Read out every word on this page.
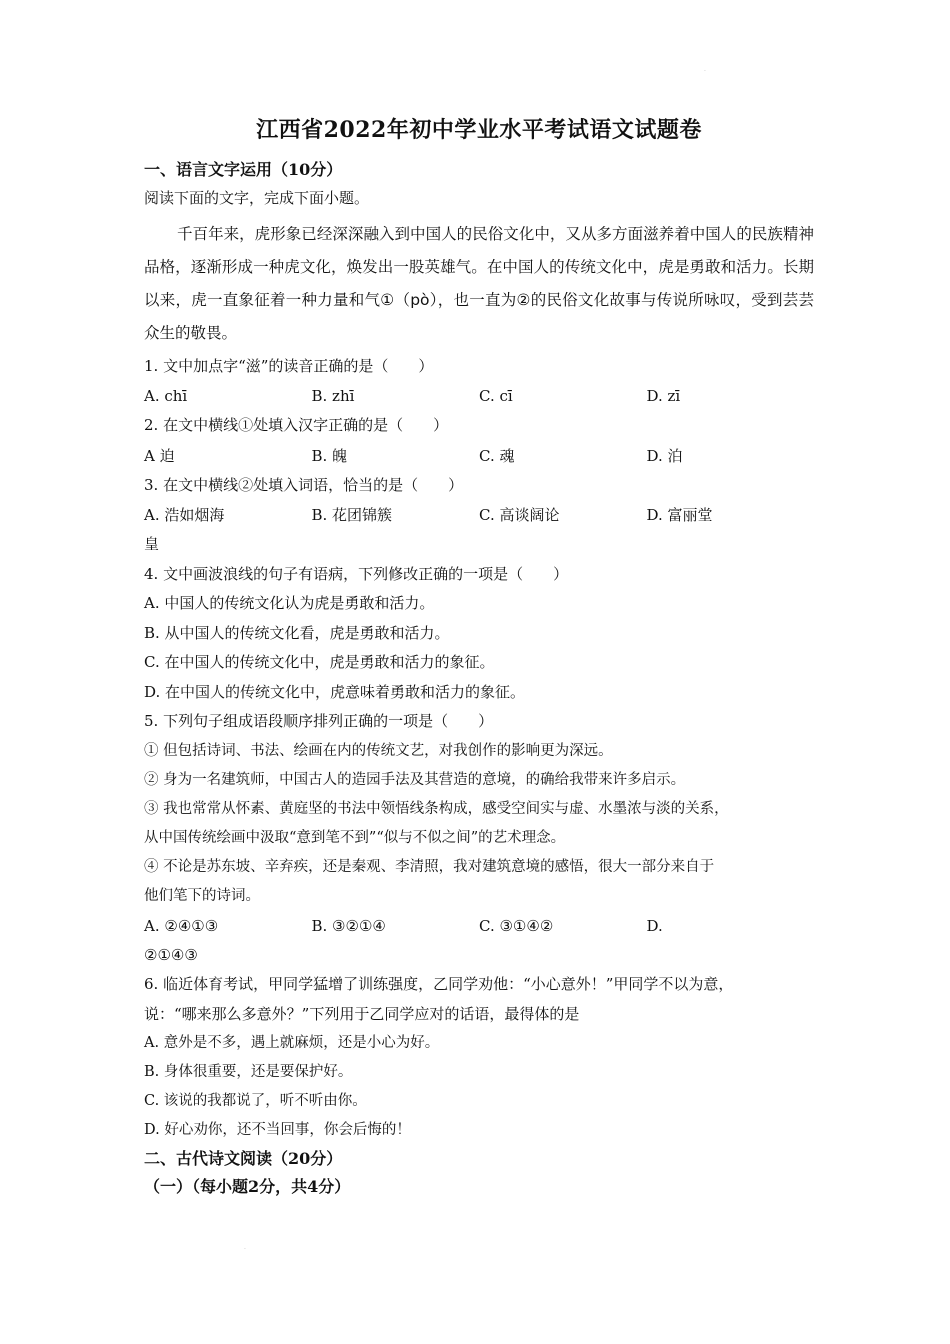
·
·
江西省2022年初中学业水平考试语文试题卷
一、语言文字运用（10分）
阅读下面的文字，完成下面小题。
千百年来，虎形象已经深深融入到中国人的民俗文化中，又从多方面滋养着中国人的民族精神品格，逐渐形成一种虎文化，焕发出一股英雄气。在中国人的传统文化中，虎是勇敢和活力。长期以来，虎一直象征着一种力量和气①（pò），也一直为②的民俗文化故事与传说所咏叹，受到芸芸众生的敬畏。
1. 文中加点字“滋”的读音正确的是（　　）
A. chī	B. zhī	C. cī	D. zī
2. 在文中横线①处填入汉字正确的是（　　）
A 迫	B. 魄	C. 魂	D. 泊
3. 在文中横线②处填入词语，恰当的是（　　）
A. 浩如烟海	B. 花团锦簇	C. 高谈阔论	D. 富丽堂
皇
4. 文中画波浪线的句子有语病，下列修改正确的一项是（　　）
A. 中国人的传统文化认为虎是勇敢和活力。
B. 从中国人的传统文化看，虎是勇敢和活力。
C. 在中国人的传统文化中，虎是勇敢和活力的象征。
D. 在中国人的传统文化中，虎意味着勇敢和活力的象征。
5. 下列句子组成语段顺序排列正确的一项是（　　）
① 但包括诗词、书法、绘画在内的传统文艺，对我创作的影响更为深远。
② 身为一名建筑师，中国古人的造园手法及其营造的意境，的确给我带来许多启示。
③ 我也常常从怀素、黄庭坚的书法中领悟线条构成，感受空间实与虚、水墨浓与淡的关系，
从中国传统绘画中汲取“意到笔不到”“似与不似之间”的艺术理念。
④ 不论是苏东坡、辛弃疾，还是秦观、李清照，我对建筑意境的感悟，很大一部分来自于
他们笔下的诗词。
A. ②④①③	B. ③②①④	C. ③①④②	D.
②①④③
6. 临近体育考试，甲同学猛增了训练强度，乙同学劝他：“小心意外！”甲同学不以为意，
说：“哪来那么多意外？”下列用于乙同学应对的话语，最得体的是
A. 意外是不多，遇上就麻烦，还是小心为好。
B. 身体很重要，还是要保护好。
C. 该说的我都说了，听不听由你。
D. 好心劝你，还不当回事，你会后悔的！
二、古代诗文阅读（20分）
（一）（每小题2分，共4分）
